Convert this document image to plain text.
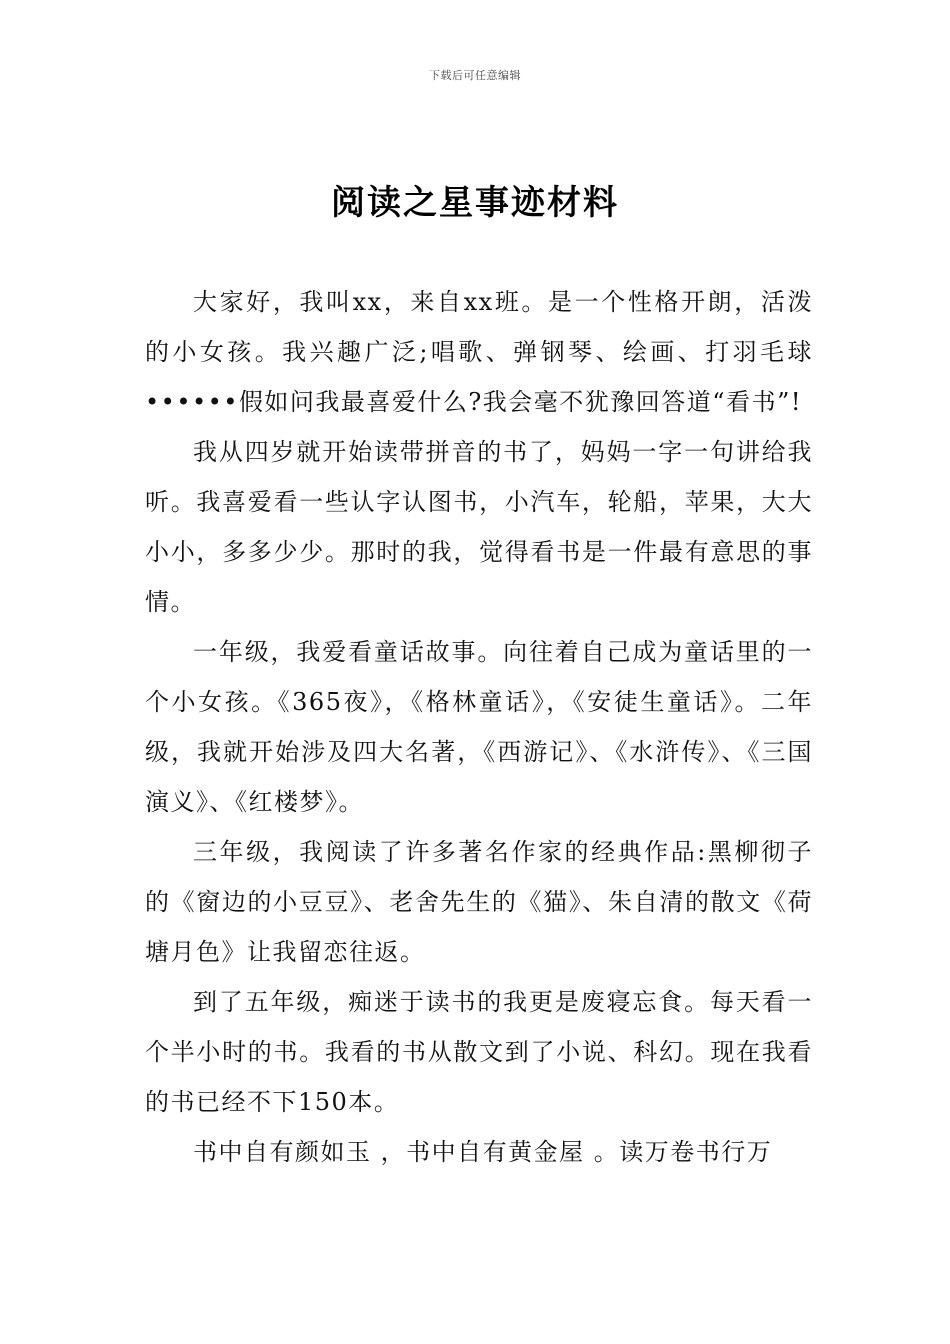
下载后可任意编辑
阅读之星事迹材料

大家好，我叫xx，来自xx班。是一个性格开朗，活泼的小女孩。我兴趣广泛;唱歌、弹钢琴、绘画、打羽毛球••••••假如问我最喜爱什么?我会毫不犹豫回答道“看书”!

我从四岁就开始读带拼音的书了，妈妈一字一句讲给我听。我喜爱看一些认字认图书，小汽车，轮船，苹果，大大小小，多多少少。那时的我，觉得看书是一件最有意思的事情。

一年级，我爱看童话故事。向往着自己成为童话里的一个小女孩。《365夜》，《格林童话》，《安徒生童话》。二年级，我就开始涉及四大名著，《西游记》、《水浒传》、《三国演义》、《红楼梦》。

三年级，我阅读了许多著名作家的经典作品:黑柳彻子的《窗边的小豆豆》、老舍先生的《猫》、朱自清的散文《荷塘月色》让我留恋往返。

到了五年级，痴迷于读书的我更是废寝忘食。每天看一个半小时的书。我看的书从散文到了小说、科幻。现在我看的书已经不下150本。

书中自有颜如玉 ，书中自有黄金屋 。读万卷书行万
